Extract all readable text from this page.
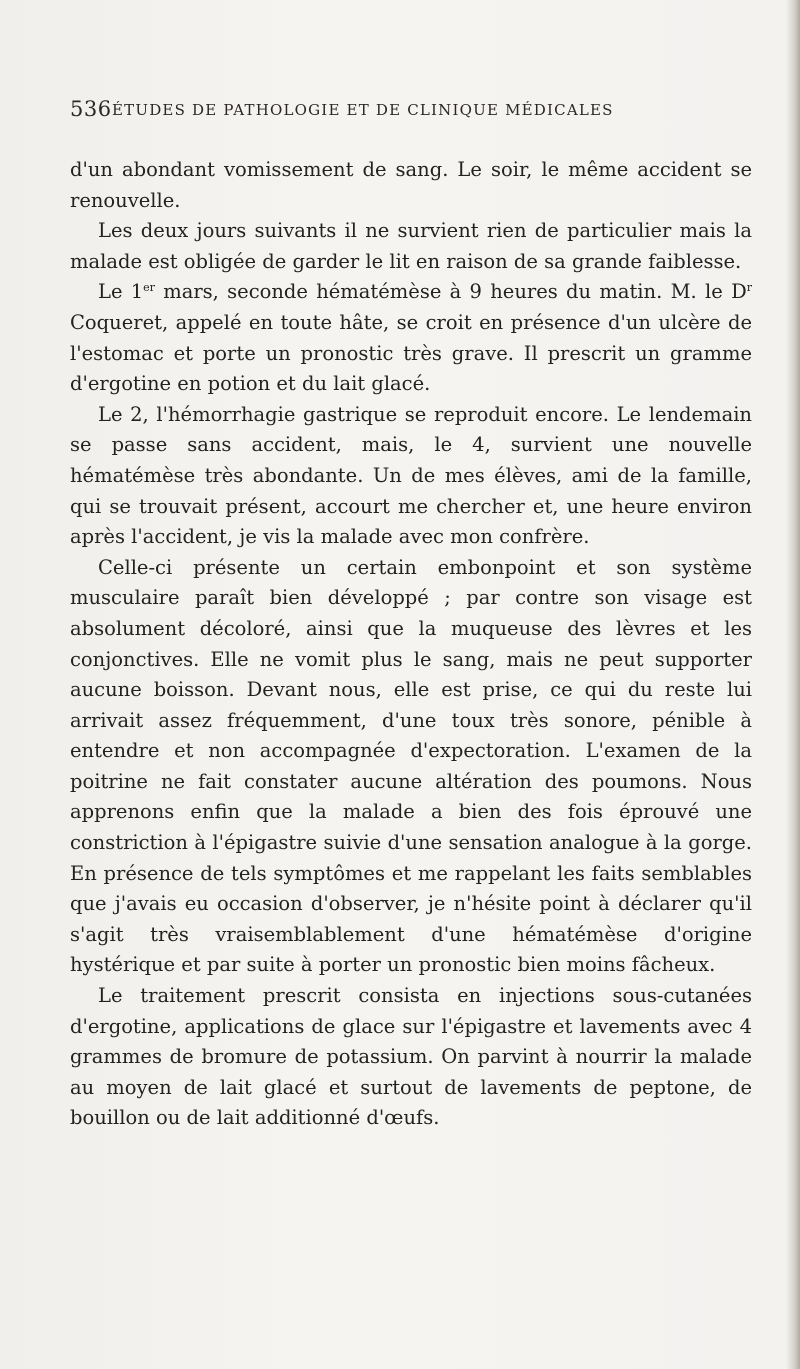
536 ÉTUDES DE PATHOLOGIE ET DE CLINIQUE MÉDICALES

d'un abondant vomissement de sang. Le soir, le même accident se renouvelle.

Les deux jours suivants il ne survient rien de particulier mais la malade est obligée de garder le lit en raison de sa grande faiblesse.

Le 1er mars, seconde hématémèse à 9 heures du matin. M. le $D^r$ Coqueret, appelé en toute hâte, se croit en présence d'un ulcère de l'estomac et porte un pronostic très grave. Il prescrit un gramme d'ergotine en potion et du lait glacé.

Le 2, l'hémorrhagie gastrique se reproduit encore. Le lendemain se passe sans accident, mais, le 4, survient une nouvelle hématémèse très abondante. Un de mes élèves, ami de la famille, qui se trouvait présent, accourt me chercher et, une heure environ après l'accident, je vis la malade avec mon confrère.

Celle-ci présente un certain embonpoint et son système musculaire paraît bien développé ; par contre son visage est absolument décoloré, ainsi que la muqueuse des lèvres et les conjonctives. Elle ne vomit plus le sang, mais ne peut supporter aucune boisson. Devant nous, elle est prise, ce qui du reste lui arrivait assez fréquemment, d'une toux très sonore, pénible à entendre et non accompagnée d'expectoration. L'examen de la poitrine ne fait constater aucune altération des poumons. Nous apprenons enfin que la malade a bien des fois éprouvé une constriction à l'épigastre suivie d'une sensation analogue à la gorge. En présence de tels symptômes et me rappelant les faits semblables que j'avais eu occasion d'observer, je n'hésite point à déclarer qu'il s'agit très vraisemblablement d'une hématémèse d'origine hystérique et par suite à porter un pronostic bien moins fâcheux.

Le traitement prescrit consista en injections sous-cutanées d'ergotine, applications de glace sur l'épigastre et lavements avec 4 grammes de bromure de potassium. On parvint à nourrir la malade au moyen de lait glacé et surtout de lavements de peptone, de bouillon ou de lait additionné d'œufs.
